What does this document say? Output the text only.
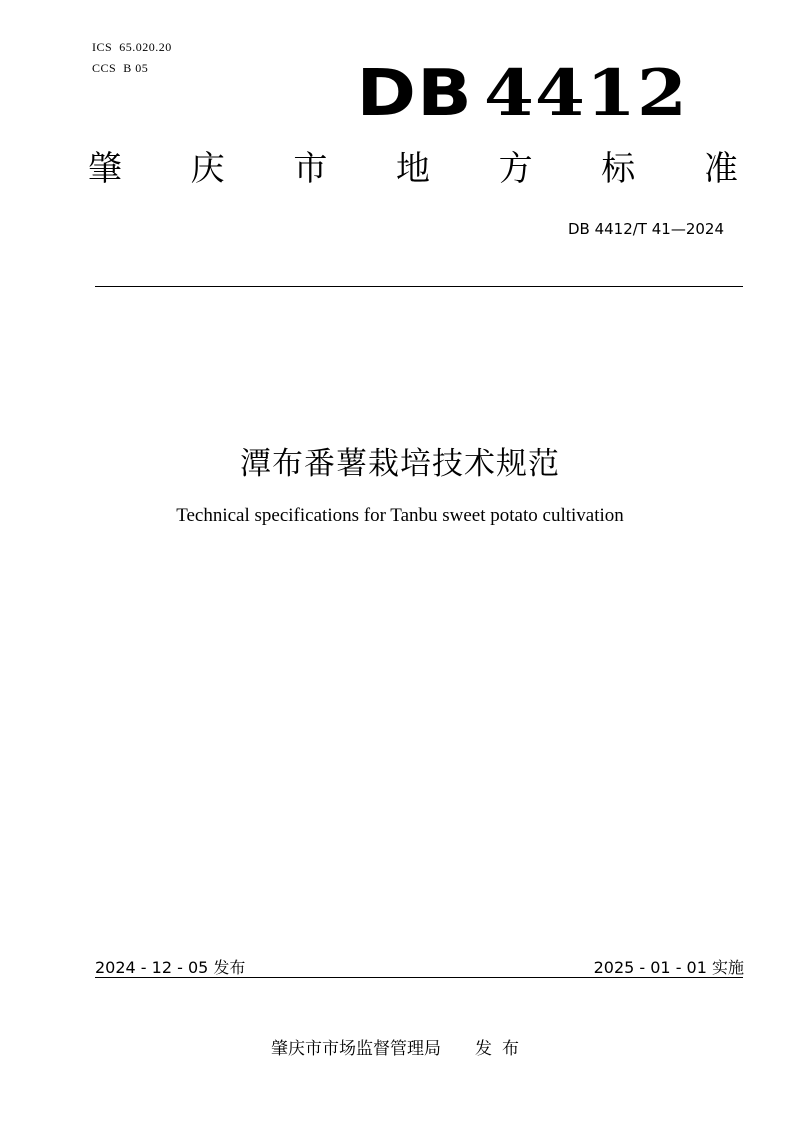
ICS 65.020.20
CCS B 05	DB 4412
肇 庆 市 地 方 标 准
DB 4412/T 41—2024
潭布番薯栽培技术规范
Technical specifications for Tanbu sweet potato cultivation
2024 - 12 - 05 发布	2025 - 01 - 01 实施
肇庆市市场监督管理局 发布
